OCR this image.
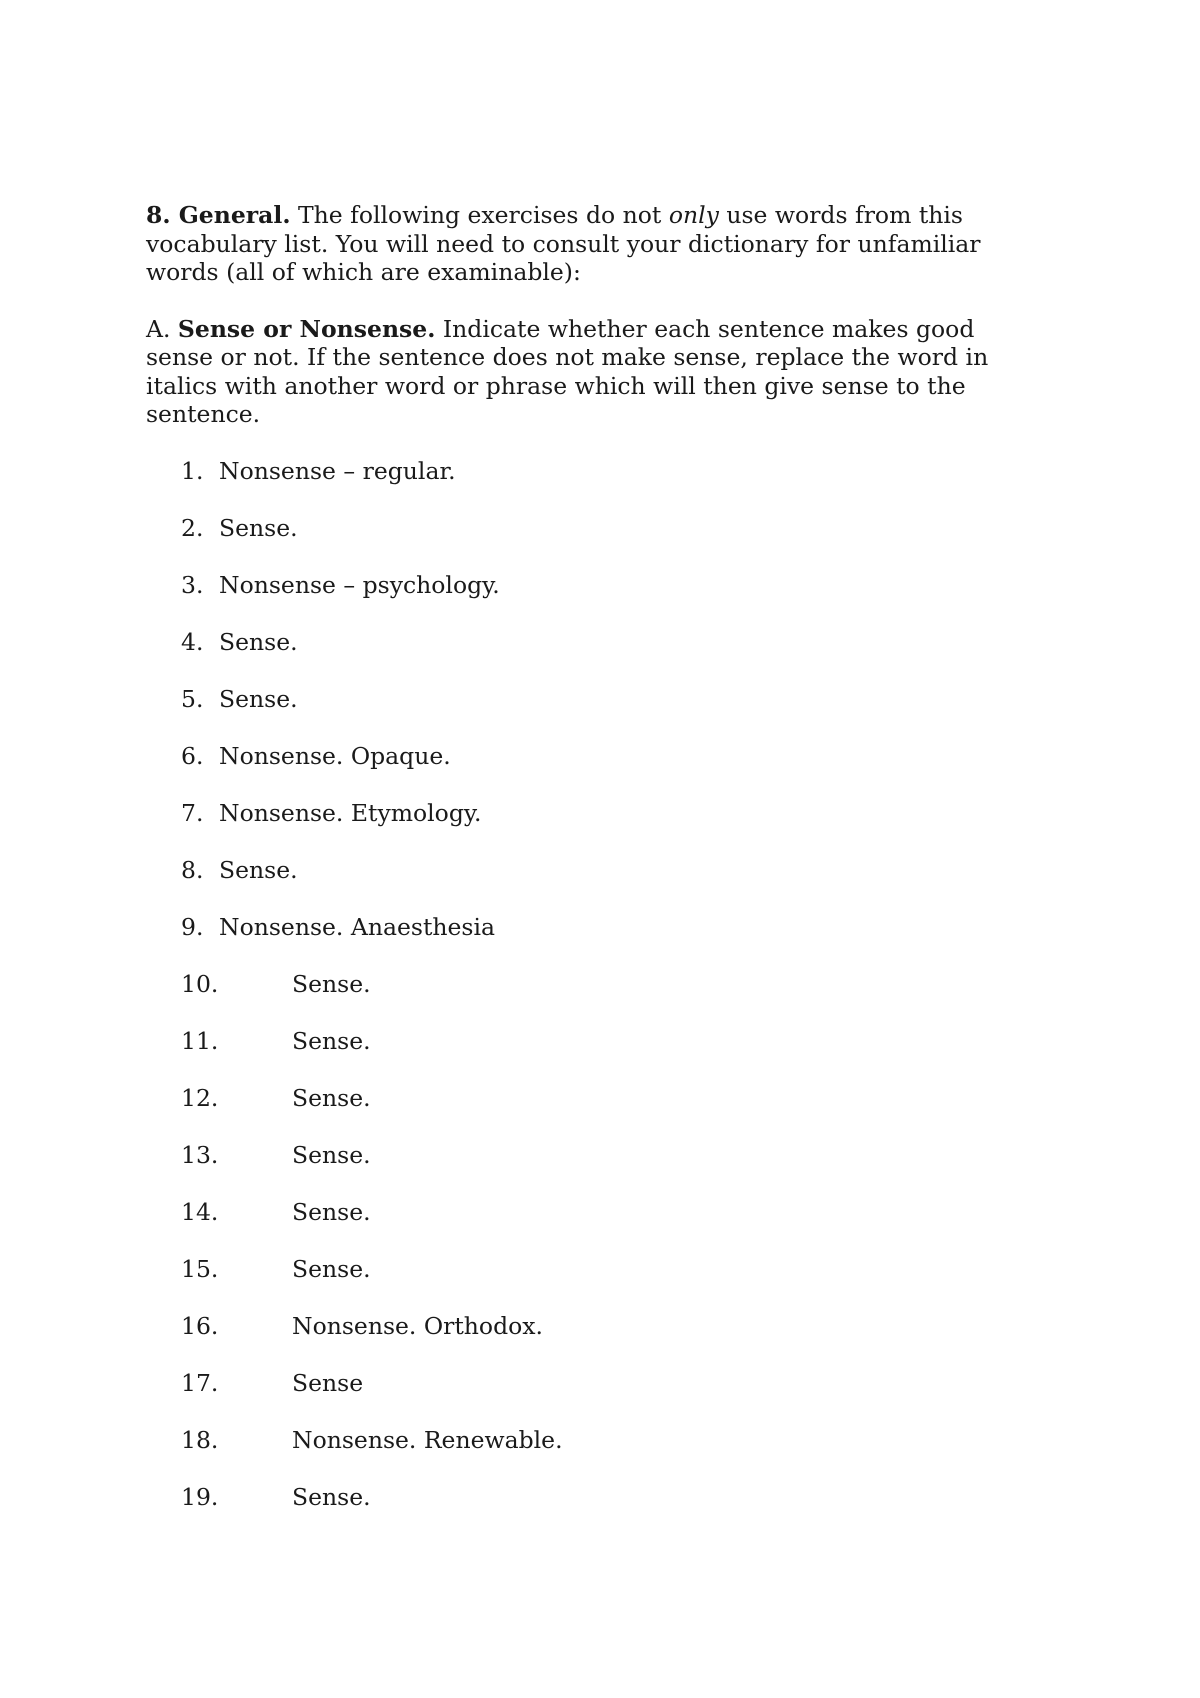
8. General. The following exercises do not only use words from this vocabulary list. You will need to consult your dictionary for unfamiliar words (all of which are examinable):

A. Sense or Nonsense. Indicate whether each sentence makes good sense or not. If the sentence does not make sense, replace the word in italics with another word or phrase which will then give sense to the sentence.

1. Nonsense – regular.
2. Sense.
3. Nonsense – psychology.
4. Sense.
5. Sense.
6. Nonsense. Opaque.
7. Nonsense. Etymology.
8. Sense.
9. Nonsense. Anaesthesia
10.	Sense.
11.	Sense.
12.	Sense.
13.	Sense.
14.	Sense.
15.	Sense.
16.	Nonsense. Orthodox.
17.	Sense
18.	Nonsense. Renewable.
19.	Sense.
